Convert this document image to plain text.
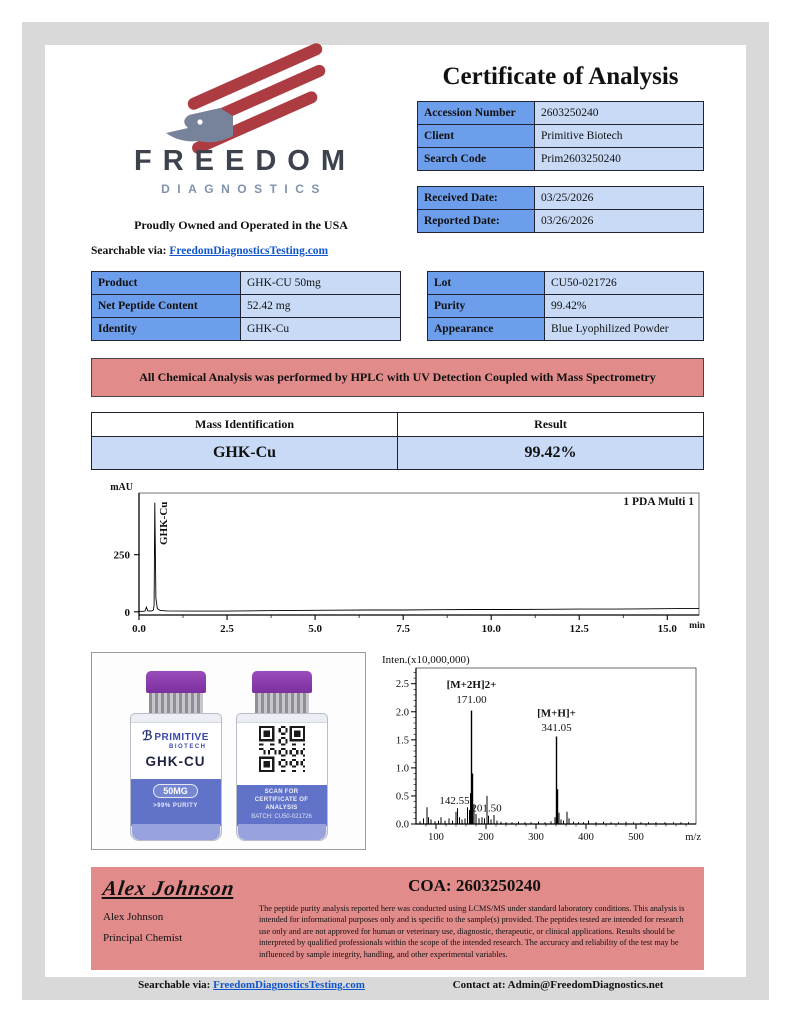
FREEDOM
DIAGNOSTICS
Proudly Owned and Operated in the USA
Searchable via: FreedomDiagnosticsTesting.com
Certificate of Analysis
Accession Number	2603250240
Client	Primitive Biotech
Search Code	Prim2603250240
Received Date:	03/25/2026
Reported Date:	03/26/2026
Product	GHK-CU 50mg
Net Peptide Content	52.42 mg
Identity	GHK-Cu
Lot	CU50-021726
Purity	99.42%
Appearance	Blue Lyophilized Powder
All Chemical Analysis was performed by HPLC with UV Detection Coupled with Mass Spectrometry
Mass Identification	Result
GHK-Cu	99.42%
0
250
0.0	2.5	5.0	7.5	10.0	12.5	15.0
mAU
min
1 PDA Multi 1
GHK-Cu
ℬ PRIMITIVE
BIOTECH
GHK-CU
50MG
>99% PURITY
SCAN FOR
CERTIFICATE OF
ANALYSIS
BATCH: CU50-021726
0.0
0.5
1.0
1.5
2.0
2.5
100	200	300	400	500
[M+2H]2+
171.00
[M+H]+
341.05
142.55
201.50
Inten.(x10,000,000)
m/z
Alex Johnson
Alex Johnson
Principal Chemist
COA: 2603250240
The peptide purity analysis reported here was conducted using LCMS/MS under standard laboratory conditions. This analysis is intended for informational purposes only and is specific to the sample(s) provided. The peptides tested are intended for research use only and are not approved for human or veterinary use, diagnostic, therapeutic, or clinical applications. Results should be interpreted by qualified professionals within the scope of the intended research. The accuracy and reliability of the test may be influenced by sample integrity, handling, and other experimental variables.
Searchable via: FreedomDiagnosticsTesting.com	Contact at: Admin@FreedomDiagnostics.net
